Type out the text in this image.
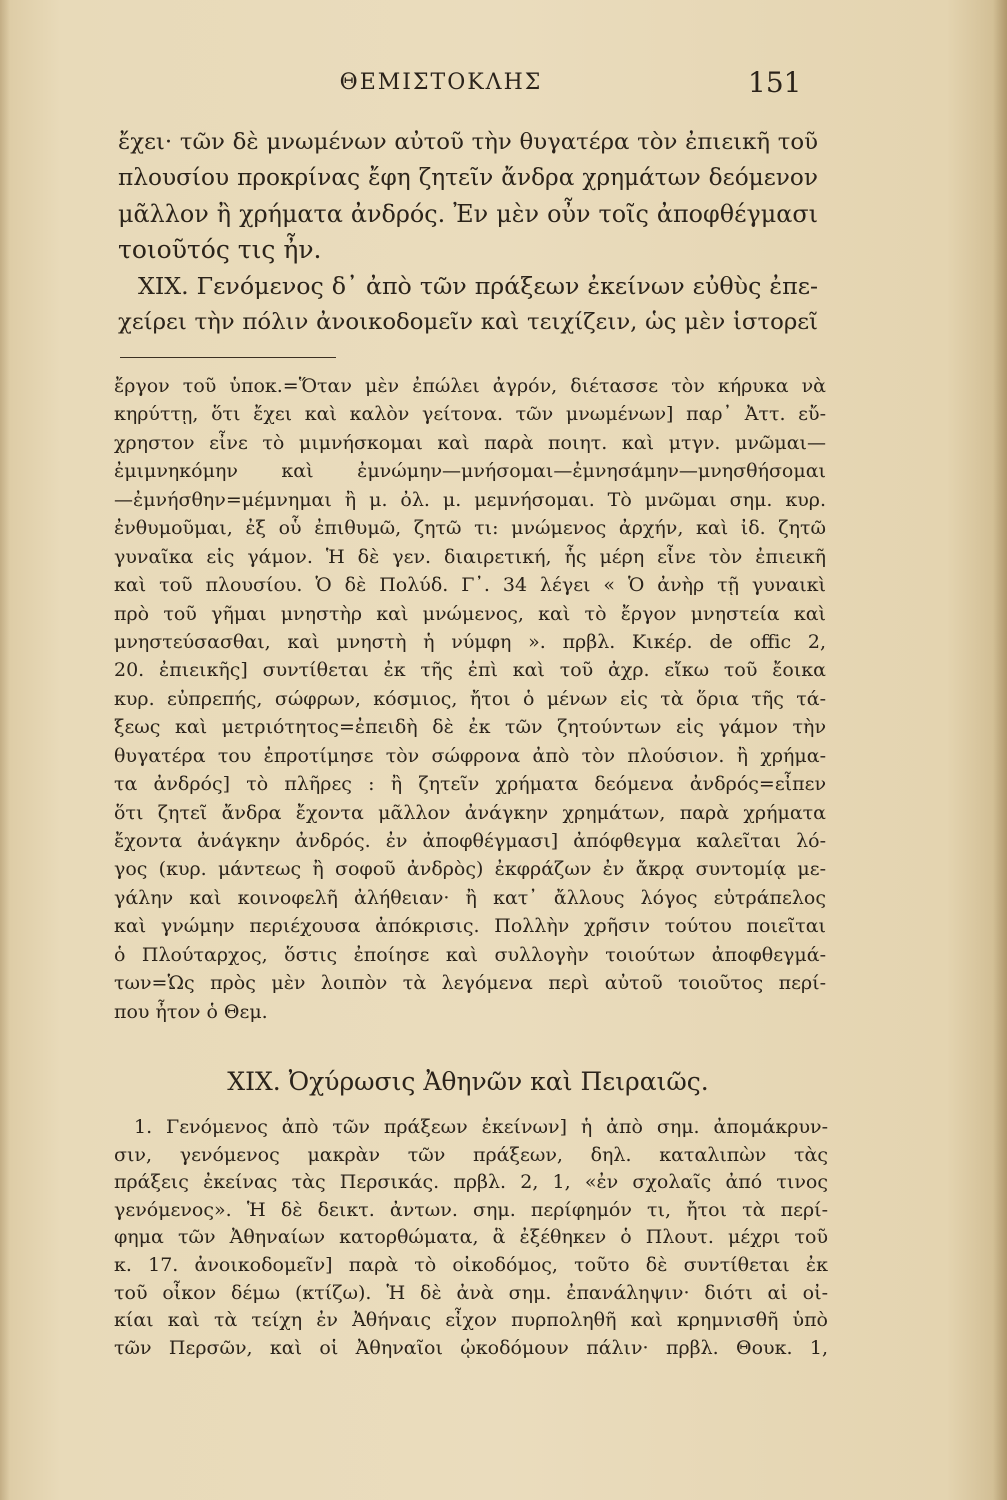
ΘΕΜΙΣΤΟΚΛΗΣ	151
ἔχει· τῶν δὲ μνωμένων αὐτοῦ τὴν θυγατέρα τὸν ἐπιεικῆ τοῦ
πλουσίου προκρίνας ἔφη ζητεῖν ἄνδρα χρημάτων δεόμενον
μᾶλλον ἢ χρήματα ἀνδρός. Ἐν μὲν οὖν τοῖς ἀποφθέγμασι
τοιοῦτός τις ἦν.
XIX. Γενόμενος δ᾽ ἀπὸ τῶν πράξεων ἐκείνων εὐθὺς ἐπε-
χείρει τὴν πόλιν ἀνοικοδομεῖν καὶ τειχίζειν, ὡς μὲν ἱστορεῖ
ἔργον τοῦ ὑποκ.=Ὅταν μὲν ἐπώλει ἀγρόν, διέτασσε τὸν κήρυκα νὰ
κηρύττῃ, ὅτι ἔχει καὶ καλὸν γείτονα. τῶν μνωμένων] παρ᾽ Ἀττ. εὔ-
χρηστον εἶνε τὸ μιμνήσκομαι καὶ παρὰ ποιητ. καὶ μτγν. μνῶμαι—
ἐμιμνηκόμην καὶ ἐμνώμην—μνήσομαι—ἐμνησάμην—μνησθήσομαι
—ἐμνήσθην=μέμνημαι ἢ μ. ὀλ. μ. μεμνήσομαι. Τὸ μνῶμαι σημ. κυρ.
ἐνθυμοῦμαι, ἐξ οὗ ἐπιθυμῶ, ζητῶ τι: μνώμενος ἀρχήν, καὶ ἰδ. ζητῶ
γυναῖκα εἰς γάμον. Ἡ δὲ γεν. διαιρετική, ἧς μέρη εἶνε τὸν ἐπιεικῆ
καὶ τοῦ πλουσίου. Ὁ δὲ Πολύδ. Γ᾽. 34 λέγει « Ὁ ἀνὴρ τῇ γυναικὶ
πρὸ τοῦ γῆμαι μνηστὴρ καὶ μνώμενος, καὶ τὸ ἔργον μνηστεία καὶ
μνηστεύσασθαι, καὶ μνηστὴ ἡ νύμφη ». πρβλ. Κικέρ. de offic 2,
20. ἐπιεικῆς] συντίθεται ἐκ τῆς ἐπὶ καὶ τοῦ ἀχρ. εἴκω τοῦ ἔοικα
κυρ. εὐπρεπής, σώφρων, κόσμιος, ἤτοι ὁ μένων εἰς τὰ ὅρια τῆς τά-
ξεως καὶ μετριότητος=ἐπειδὴ δὲ ἐκ τῶν ζητούντων εἰς γάμον τὴν
θυγατέρα του ἐπροτίμησε τὸν σώφρονα ἀπὸ τὸν πλούσιον. ἢ χρήμα-
τα ἀνδρός] τὸ πλῆρες : ἢ ζητεῖν χρήματα δεόμενα ἀνδρός=εἶπεν
ὅτι ζητεῖ ἄνδρα ἔχοντα μᾶλλον ἀνάγκην χρημάτων, παρὰ χρήματα
ἔχοντα ἀνάγκην ἀνδρός. ἐν ἀποφθέγμασι] ἀπόφθεγμα καλεῖται λό-
γος (κυρ. μάντεως ἢ σοφοῦ ἀνδρὸς) ἐκφράζων ἐν ἄκρᾳ συντομίᾳ με-
γάλην καὶ κοινοφελῆ ἀλήθειαν· ἢ κατ᾽ ἄλλους λόγος εὐτράπελος
καὶ γνώμην περιέχουσα ἀπόκρισις. Πολλὴν χρῆσιν τούτου ποιεῖται
ὁ Πλούταρχος, ὅστις ἐποίησε καὶ συλλογὴν τοιούτων ἀποφθεγμά-
των=Ὡς πρὸς μὲν λοιπὸν τὰ λεγόμενα περὶ αὐτοῦ τοιοῦτος περί-
που ἦτον ὁ Θεμ.
XIX. Ὀχύρωσις Ἀθηνῶν καὶ Πειραιῶς.
1. Γενόμενος ἀπὸ τῶν πράξεων ἐκείνων] ἡ ἀπὸ σημ. ἀπομάκρυν-
σιν, γενόμενος μακρὰν τῶν πράξεων, δηλ. καταλιπὼν τὰς
πράξεις ἐκείνας τὰς Περσικάς. πρβλ. 2, 1, «ἐν σχολαῖς ἀπό τινος
γενόμενος». Ἡ δὲ δεικτ. ἀντων. σημ. περίφημόν τι, ἤτοι τὰ περί-
φημα τῶν Ἀθηναίων κατορθώματα, ἃ ἐξέθηκεν ὁ Πλουτ. μέχρι τοῦ
κ. 17. ἀνοικοδομεῖν] παρὰ τὸ οἰκοδόμος, τοῦτο δὲ συντίθεται ἐκ
τοῦ οἶκον δέμω (κτίζω). Ἡ δὲ ἀνὰ σημ. ἐπανάληψιν· διότι αἱ οἰ-
κίαι καὶ τὰ τείχη ἐν Ἀθήναις εἶχον πυρποληθῆ καὶ κρημνισθῆ ὑπὸ
τῶν Περσῶν, καὶ οἱ Ἀθηναῖοι ᾠκοδόμουν πάλιν· πρβλ. Θουκ. 1,
